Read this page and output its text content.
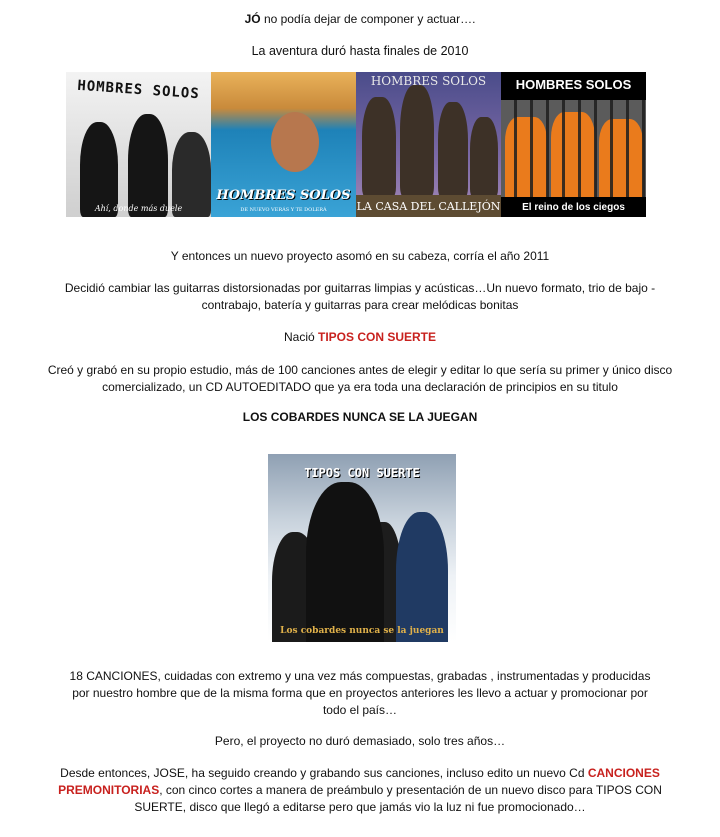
JÓ no podía dejar de componer y actuar….
La aventura duró hasta finales de 2010
HOMBRES SOLOS
Ahí, donde más duele
HOMBRES SOLOS
DE NUEVO VERÁS Y TE DOLERÁ
HOMBRES SOLOS
LA CASA DEL CALLEJÓN
HOMBRES SOLOS
El reino de los ciegos
Y entonces un nuevo proyecto asomó en su cabeza, corría el año 2011
Decidió cambiar las guitarras distorsionadas por guitarras limpias y acústicas…Un nuevo formato, trio de bajo - contrabajo, batería y guitarras para crear melódicas bonitas
Nació TIPOS CON SUERTE
Creó y grabó en su propio estudio, más de 100 canciones antes de elegir y editar lo que sería su primer y único disco comercializado, un CD AUTOEDITADO que ya era toda una declaración de principios en su titulo
LOS COBARDES NUNCA SE LA JUEGAN
TIPOS CON SUERTE
Los cobardes nunca se la juegan
18 CANCIONES, cuidadas con extremo y una vez más compuestas, grabadas , instrumentadas y producidas por nuestro hombre que de la misma forma que en proyectos anteriores les llevo a actuar y promocionar por todo el país…
Pero, el proyecto no duró demasiado, solo tres años…
Desde entonces, JOSE, ha seguido creando y grabando sus canciones, incluso edito un nuevo Cd CANCIONES PREMONITORIAS, con cinco cortes a manera de preámbulo y presentación de un nuevo disco para TIPOS CON SUERTE, disco que llegó a editarse pero que jamás vio la luz ni fue promocionado…
